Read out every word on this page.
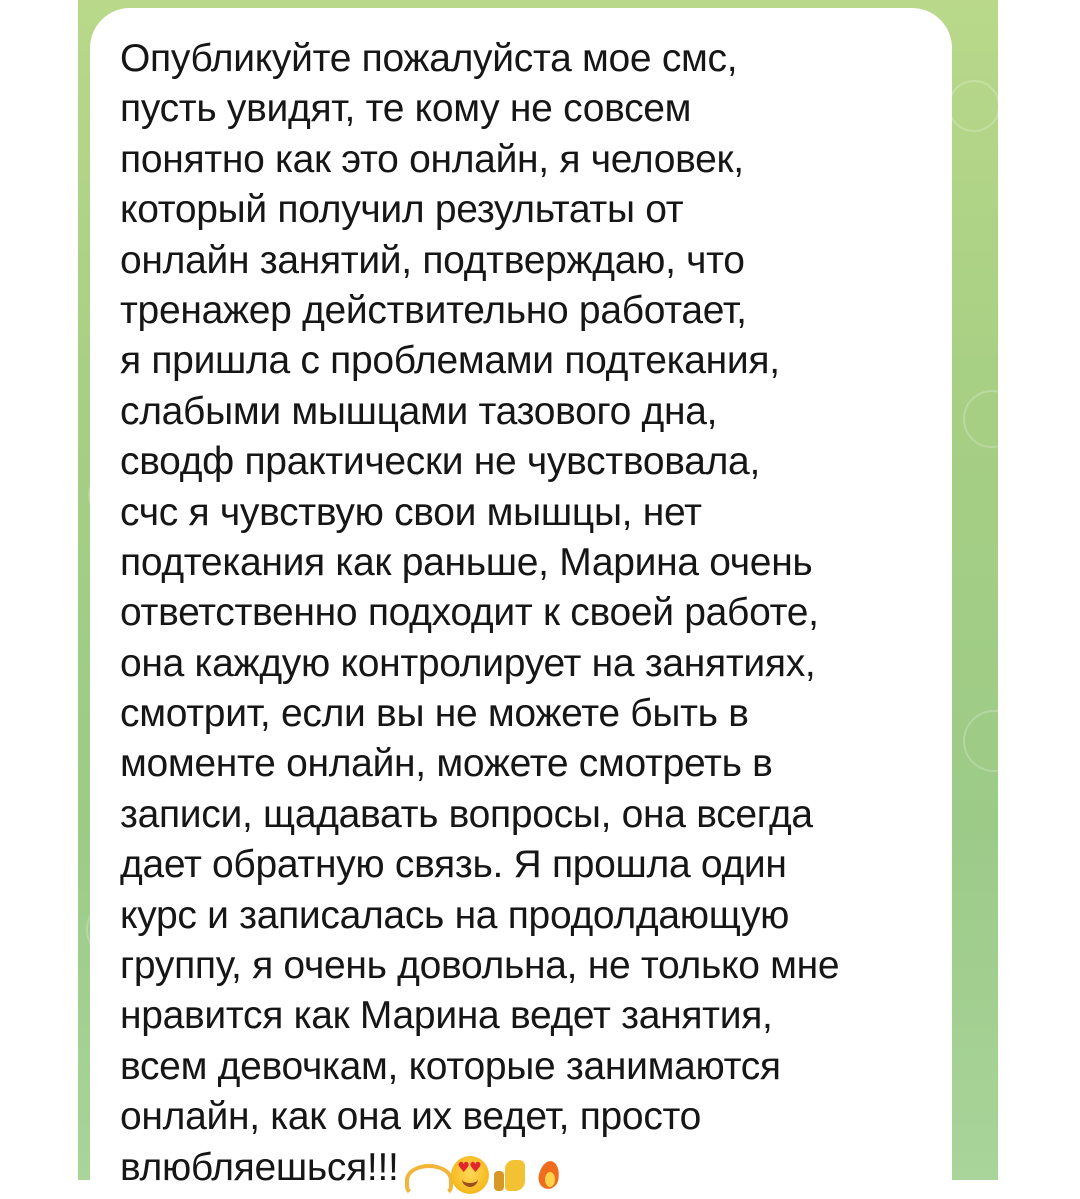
Опубликуйте пожалуйста мое смс,
пусть увидят, те кому не совсем
понятно как это онлайн, я человек,
который получил результаты от
онлайн занятий, подтверждаю, что
тренажер действительно работает,
я пришла с проблемами подтекания,
слабыми мышцами тазового дна,
сводф практически не чувствовала,
счс я чувствую свои мышцы, нет
подтекания как раньше, Марина очень
ответственно подходит к своей работе,
она каждую контролирует на занятиях,
смотрит, если вы не можете быть в
моменте онлайн, можете смотреть в
записи, щадавать вопросы, она всегда
дает обратную связь. Я прошла один
курс и записалась на продолдающую
группу, я очень довольна, не только мне
нравится как Марина ведет занятия,
всем девочкам, которые занимаются
онлайн, как она их ведет, просто
влюбляешься!!!♥
♥
